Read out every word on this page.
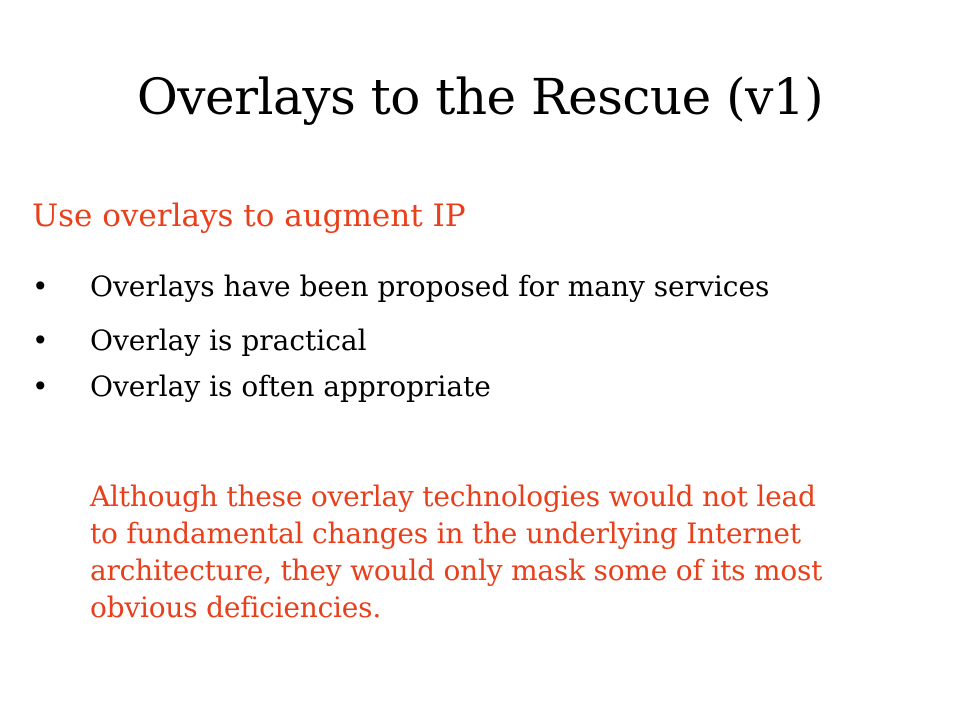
Overlays to the Rescue (v1)
Use overlays to augment IP
• Overlays have been proposed for many services
• Overlay is practical
• Overlay is often appropriate
Although these overlay technologies would not lead
to fundamental changes in the underlying Internet
architecture, they would only mask some of its most
obvious deficiencies.
